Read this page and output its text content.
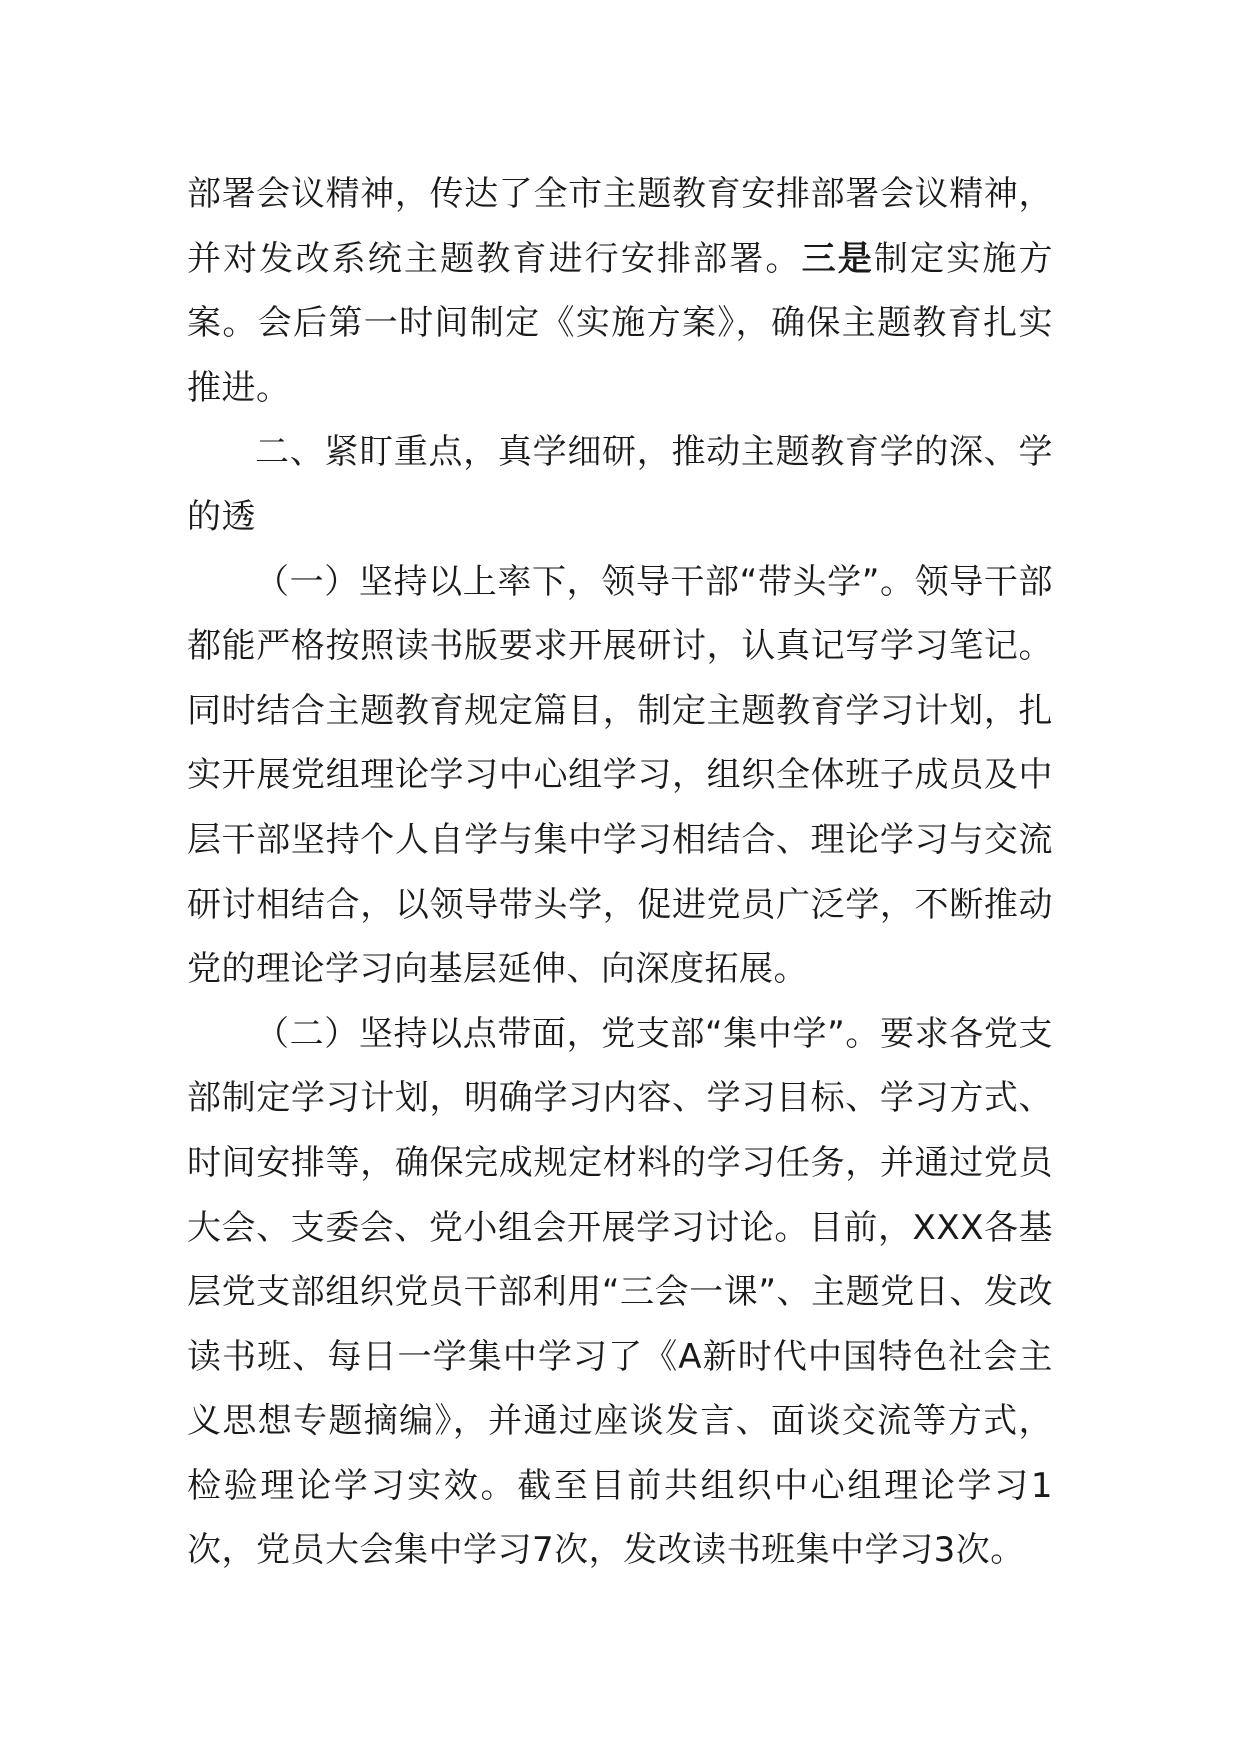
部署会议精神，传达了全市主题教育安排部署会议精神，并对发改系统主题教育进行安排部署。三是制定实施方案。会后第一时间制定《实施方案》，确保主题教育扎实推进。

二、紧盯重点，真学细研，推动主题教育学的深、学的透

（一）坚持以上率下，领导干部“带头学”。领导干部都能严格按照读书版要求开展研讨，认真记写学习笔记。同时结合主题教育规定篇目，制定主题教育学习计划，扎实开展党组理论学习中心组学习，组织全体班子成员及中层干部坚持个人自学与集中学习相结合、理论学习与交流研讨相结合，以领导带头学，促进党员广泛学，不断推动党的理论学习向基层延伸、向深度拓展。

（二）坚持以点带面，党支部“集中学”。要求各党支部制定学习计划，明确学习内容、学习目标、学习方式、时间安排等，确保完成规定材料的学习任务，并通过党员大会、支委会、党小组会开展学习讨论。目前，XXX各基层党支部组织党员干部利用“三会一课”、主题党日、发改读书班、每日一学集中学习了《A新时代中国特色社会主义思想专题摘编》，并通过座谈发言、面谈交流等方式，检验理论学习实效。截至目前共组织中心组理论学习1次，党员大会集中学习7次，发改读书班集中学习3次。
